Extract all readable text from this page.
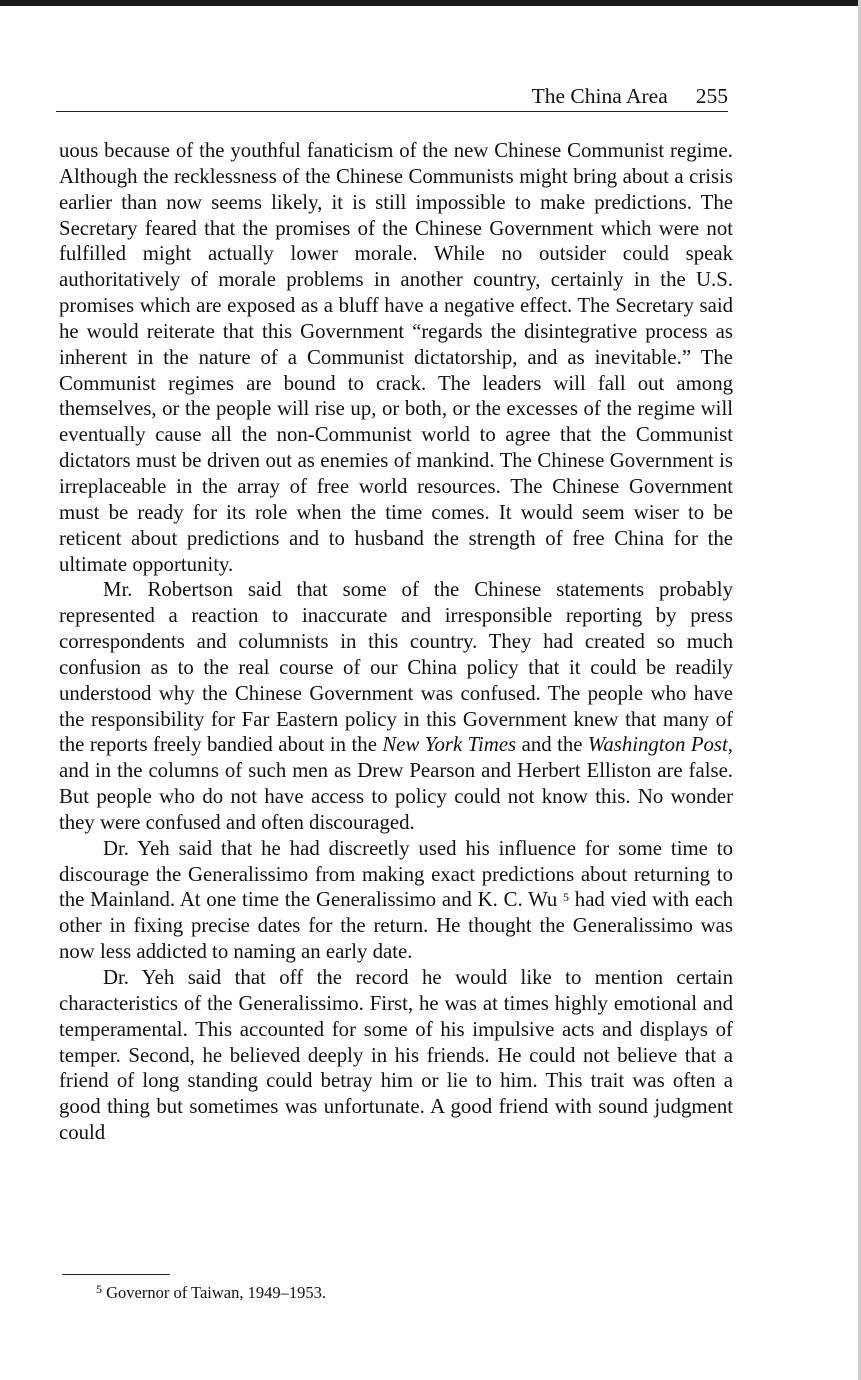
The China Area 255

uous because of the youthful fanaticism of the new Chinese Communist regime. Although the recklessness of the Chinese Communists might bring about a crisis earlier than now seems likely, it is still impossible to make predictions. The Secretary feared that the promises of the Chinese Government which were not fulfilled might actually lower morale. While no outsider could speak authoritatively of morale problems in another country, certainly in the U.S. promises which are exposed as a bluff have a negative effect. The Secretary said he would reiterate that this Government “regards the disintegrative process as inherent in the nature of a Communist dictatorship, and as inevitable.” The Communist regimes are bound to crack. The leaders will fall out among themselves, or the people will rise up, or both, or the excesses of the regime will eventually cause all the non-Communist world to agree that the Communist dictators must be driven out as enemies of mankind. The Chinese Government is irreplaceable in the array of free world resources. The Chinese Government must be ready for its role when the time comes. It would seem wiser to be reticent about predictions and to husband the strength of free China for the ultimate opportunity.

Mr. Robertson said that some of the Chinese statements probably represented a reaction to inaccurate and irresponsible reporting by press correspondents and columnists in this country. They had created so much confusion as to the real course of our China policy that it could be readily understood why the Chinese Government was confused. The people who have the responsibility for Far Eastern policy in this Government knew that many of the reports freely bandied about in the New York Times and the Washington Post, and in the columns of such men as Drew Pearson and Herbert Elliston are false. But people who do not have access to policy could not know this. No wonder they were confused and often discouraged.

Dr. Yeh said that he had discreetly used his influence for some time to discourage the Generalissimo from making exact predictions about returning to the Mainland. At one time the Generalissimo and K. C. Wu $^5$ had vied with each other in fixing precise dates for the return. He thought the Generalissimo was now less addicted to naming an early date.

Dr. Yeh said that off the record he would like to mention certain characteristics of the Generalissimo. First, he was at times highly emotional and temperamental. This accounted for some of his impulsive acts and displays of temper. Second, he believed deeply in his friends. He could not believe that a friend of long standing could betray him or lie to him. This trait was often a good thing but sometimes was unfortunate. A good friend with sound judgment could

$^5$ Governor of Taiwan, 1949–1953.
